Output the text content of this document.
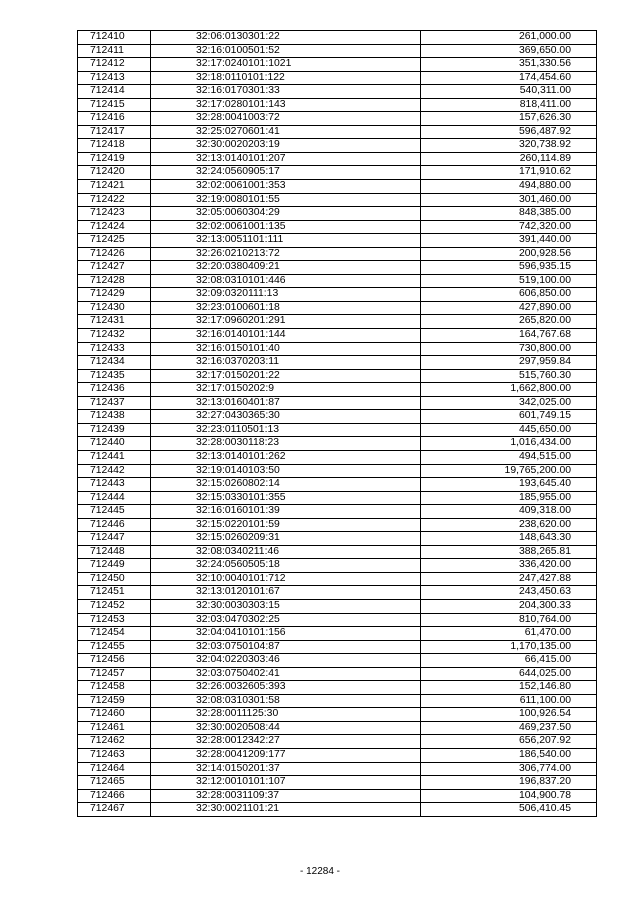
712410	32:06:0130301:22	261,000.00
712411	32:16:0100501:52	369,650.00
712412	32:17:0240101:1021	351,330.56
712413	32:18:0110101:122	174,454.60
712414	32:16:0170301:33	540,311.00
712415	32:17:0280101:143	818,411.00
712416	32:28:0041003:72	157,626.30
712417	32:25:0270601:41	596,487.92
712418	32:30:0020203:19	320,738.92
712419	32:13:0140101:207	260,114.89
712420	32:24:0560905:17	171,910.62
712421	32:02:0061001:353	494,880.00
712422	32:19:0080101:55	301,460.00
712423	32:05:0060304:29	848,385.00
712424	32:02:0061001:135	742,320.00
712425	32:13:0051101:111	391,440.00
712426	32:26:0210213:72	200,928.56
712427	32:20:0380409:21	596,935.15
712428	32:08:0310101:446	519,100.00
712429	32:09:0320111:13	606,850.00
712430	32:23:0100601:18	427,890.00
712431	32:17:0960201:291	265,820.00
712432	32:16:0140101:144	164,767.68
712433	32:16:0150101:40	730,800.00
712434	32:16:0370203:11	297,959.84
712435	32:17:0150201:22	515,760.30
712436	32:17:0150202:9	1,662,800.00
712437	32:13:0160401:87	342,025.00
712438	32:27:0430365:30	601,749.15
712439	32:23:0110501:13	445,650.00
712440	32:28:0030118:23	1,016,434.00
712441	32:13:0140101:262	494,515.00
712442	32:19:0140103:50	19,765,200.00
712443	32:15:0260802:14	193,645.40
712444	32:15:0330101:355	185,955.00
712445	32:16:0160101:39	409,318.00
712446	32:15:0220101:59	238,620.00
712447	32:15:0260209:31	148,643.30
712448	32:08:0340211:46	388,265.81
712449	32:24:0560505:18	336,420.00
712450	32:10:0040101:712	247,427.88
712451	32:13:0120101:67	243,450.63
712452	32:30:0030303:15	204,300.33
712453	32:03:0470302:25	810,764.00
712454	32:04:0410101:156	61,470.00
712455	32:03:0750104:87	1,170,135.00
712456	32:04:0220303:46	66,415.00
712457	32:03:0750402:41	644,025.00
712458	32:26:0032605:393	152,146.80
712459	32:08:0310301:58	611,100.00
712460	32:28:0011125:30	100,926.54
712461	32:30:0020508:44	469,237.50
712462	32:28:0012342:27	656,207.92
712463	32:28:0041209:177	186,540.00
712464	32:14:0150201:37	306,774.00
712465	32:12:0010101:107	196,837.20
712466	32:28:0031109:37	104,900.78
712467	32:30:0021101:21	506,410.45
- 12284 -
